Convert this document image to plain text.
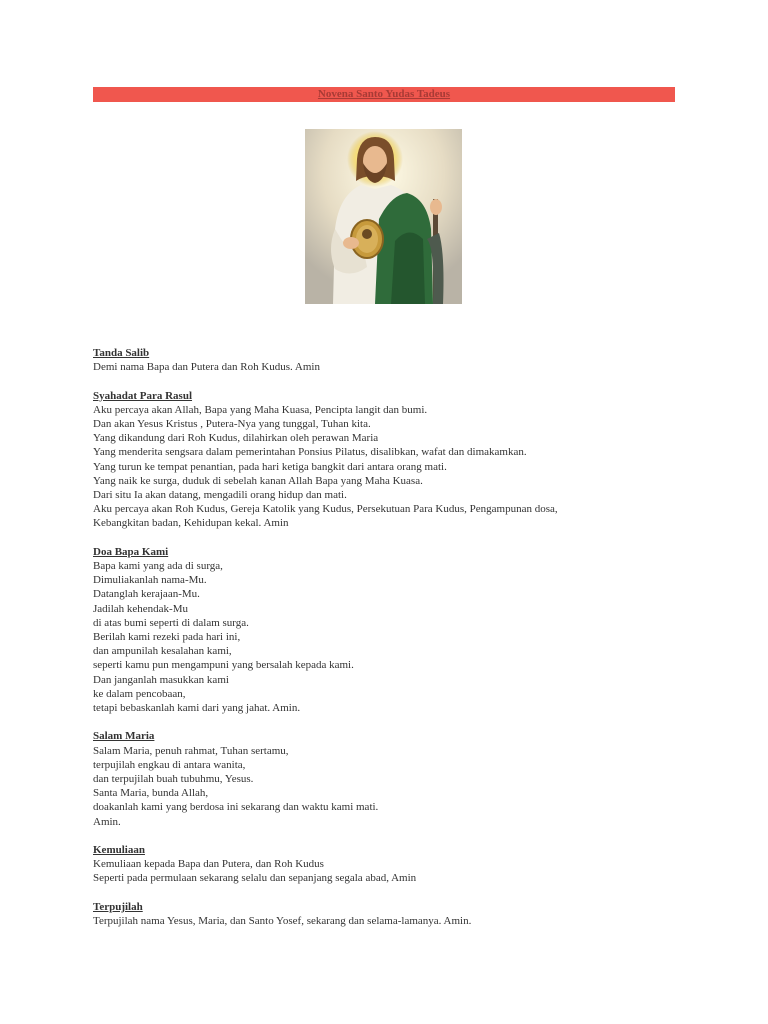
Novena Santo Yudas Tadeus
Tanda Salib
Demi nama Bapa dan Putera dan Roh Kudus. Amin
Syahadat Para Rasul
Aku percaya akan Allah, Bapa yang Maha Kuasa, Pencipta langit dan bumi.
Dan akan Yesus Kristus , Putera-Nya yang tunggal, Tuhan kita.
Yang dikandung dari Roh Kudus, dilahirkan oleh perawan Maria
Yang menderita sengsara dalam pemerintahan Ponsius Pilatus, disalibkan, wafat dan dimakamkan.
Yang turun ke tempat penantian, pada hari ketiga bangkit dari antara orang mati.
Yang naik ke surga, duduk di sebelah kanan Allah Bapa yang Maha Kuasa.
Dari situ Ia akan datang, mengadili orang hidup dan mati.
Aku percaya akan Roh Kudus, Gereja Katolik yang Kudus, Persekutuan Para Kudus, Pengampunan dosa,
Kebangkitan badan, Kehidupan kekal. Amin
Doa Bapa Kami
Bapa kami yang ada di surga,
Dimuliakanlah nama-Mu.
Datanglah kerajaan-Mu.
Jadilah kehendak-Mu
di atas bumi seperti di dalam surga.
Berilah kami rezeki pada hari ini,
dan ampunilah kesalahan kami,
seperti kamu pun mengampuni yang bersalah kepada kami.
Dan janganlah masukkan kami
ke dalam pencobaan,
tetapi bebaskanlah kami dari yang jahat. Amin.
Salam Maria
Salam Maria, penuh rahmat, Tuhan sertamu,
terpujilah engkau di antara wanita,
dan terpujilah buah tubuhmu, Yesus.
Santa Maria, bunda Allah,
doakanlah kami yang berdosa ini sekarang dan waktu kami mati.
Amin.
Kemuliaan
Kemuliaan kepada Bapa dan Putera, dan Roh Kudus
Seperti pada permulaan sekarang selalu dan sepanjang segala abad, Amin
Terpujilah
Terpujilah nama Yesus, Maria, dan Santo Yosef, sekarang dan selama-lamanya. Amin.
